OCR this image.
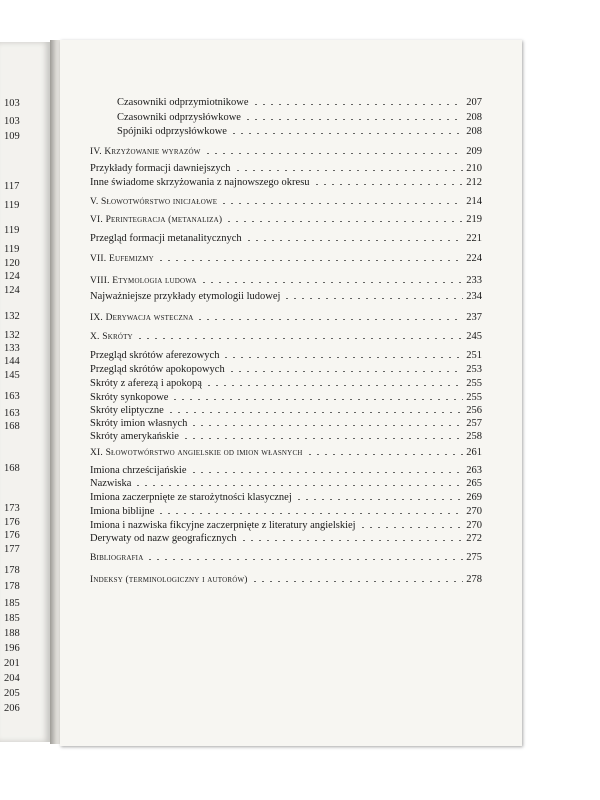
103
103
109
117
119
119
119
120
124
124
132
132
133
144
145
163
163
168
168
173
176
176
177
178
178
185
185
188
196
201
204
205
206
Czasowniki odprzymiotnikowe	207
Czasowniki odprzysłówkowe	208
Spójniki odprzysłówkowe	208
IV. Krzyżowanie wyrazów	209
Przykłady formacji dawniejszych	210
Inne świadome skrzyżowania z najnowszego okresu	212
V. Słowotwórstwo inicjałowe	214
VI. Perintegracja (metanaliza)	219
Przegląd formacji metanalitycznych	221
VII. Eufemizmy	224
VIII. Etymologia ludowa	233
Najważniejsze przykłady etymologii ludowej	234
IX. Derywacja wsteczna	237
X. Skróty	245
Przegląd skrótów aferezowych	251
Przegląd skrótów apokopowych	253
Skróty z aferezą i apokopą	255
Skróty synkopowe	255
Skróty eliptyczne	256
Skróty imion własnych	257
Skróty amerykańskie	258
XI. Słowotwórstwo angielskie od imion własnych	261
Imiona chrześcijańskie	263
Nazwiska	265
Imiona zaczerpnięte ze starożytności klasycznej	269
Imiona biblijne	270
Imiona i nazwiska fikcyjne zaczerpnięte z literatury angielskiej	270
Derywaty od nazw geograficznych	272
Bibliografia	275
Indeksy (terminologiczny i autorów)	278
